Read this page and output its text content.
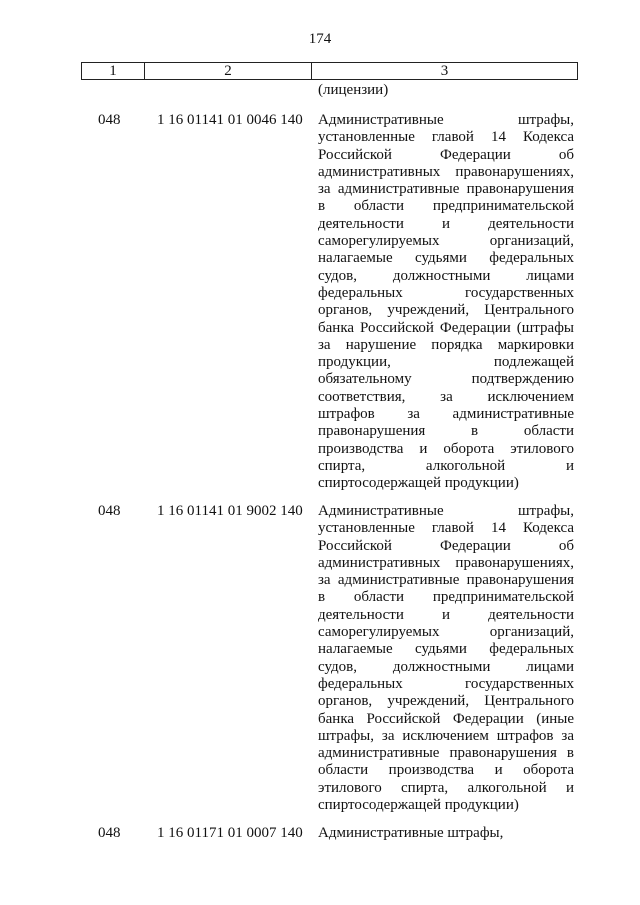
174
1	2	3
(лицензии)
048 1 16 01141 01 0046 140 Административные штрафы,
установленные главой 14 Кодекса
Российской Федерации об
административных правонарушениях,
за административные правонарушения
в области предпринимательской
деятельности и деятельности
саморегулируемых организаций,
налагаемые судьями федеральных
судов, должностными лицами
федеральных государственных
органов, учреждений, Центрального
банка Российской Федерации (штрафы
за нарушение порядка маркировки
продукции, подлежащей
обязательному подтверждению
соответствия, за исключением
штрафов за административные
правонарушения в области
производства и оборота этилового
спирта, алкогольной и
спиртосодержащей продукции)
048 1 16 01141 01 9002 140 Административные штрафы,
установленные главой 14 Кодекса
Российской Федерации об
административных правонарушениях,
за административные правонарушения
в области предпринимательской
деятельности и деятельности
саморегулируемых организаций,
налагаемые судьями федеральных
судов, должностными лицами
федеральных государственных
органов, учреждений, Центрального
банка Российской Федерации (иные
штрафы, за исключением штрафов за
административные правонарушения в
области производства и оборота
этилового спирта, алкогольной и
спиртосодержащей продукции)
048 1 16 01171 01 0007 140 Административные штрафы,
